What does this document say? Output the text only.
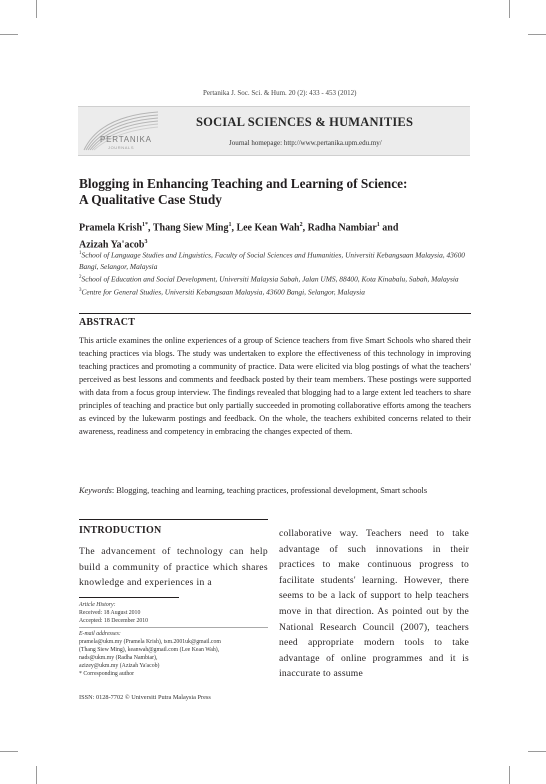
Pertanika J. Soc. Sci. & Hum. 20 (2): 433 - 453 (2012)
PERTANIKA
JOURNALS
SOCIAL SCIENCES & HUMANITIES
Journal homepage: http://www.pertanika.upm.edu.my/
Blogging in Enhancing Teaching and Learning of Science:
A Qualitative Case Study
Pramela Krish$^{1*}$, Thang Siew Ming$^1$, Lee Kean Wah$^2$, Radha Nambiar$^1$ and
Azizah Ya'acob$^3$
$^1$School of Language Studies and Linguistics, Faculty of Social Sciences and Humanities, Universiti Kebangsaan Malaysia, 43600 Bangi, Selangor, Malaysia
$^2$School of Education and Social Development, Universiti Malaysia Sabah, Jalan UMS, 88400, Kota Kinabalu, Sabah, Malaysia
$^3$Centre for General Studies, Universiti Kebangsaan Malaysia, 43600 Bangi, Selangor, Malaysia
ABSTRACT
This article examines the online experiences of a group of Science teachers from five Smart Schools who shared their teaching practices via blogs. The study was undertaken to explore the effectiveness of this technology in improving teaching practices and promoting a community of practice. Data were elicited via blog postings of what the teachers' perceived as best lessons and comments and feedback posted by their team members. These postings were supported with data from a focus group interview. The findings revealed that blogging had to a large extent led teachers to share principles of teaching and practice but only partially succeeded in promoting collaborative efforts among the teachers as evinced by the lukewarm postings and feedback. On the whole, the teachers exhibited concerns related to their awareness, readiness and competency in embracing the changes expected of them.
Keywords: Blogging, teaching and learning, teaching practices, professional development, Smart schools
INTRODUCTION
The advancement of technology can help build a community of practice which shares knowledge and experiences in a
collaborative way. Teachers need to take advantage of such innovations in their practices to make continuous progress to facilitate students' learning. However, there seems to be a lack of support to help teachers move in that direction. As pointed out by the National Research Council (2007), teachers need appropriate modern tools to take advantage of online programmes and it is inaccurate to assume
Article History:
Received: 18 August 2010
Accepted: 18 December 2010
E-mail addresses:
pramela@ukm.my (Pramela Krish), tsm.2001uk@gmail.com
(Thang Siew Ming), keanwah@gmail.com (Lee Kean Wah),
nads@ukm.my (Radha Nambiar),
azizey@ukm.my (Azizah Ya'acob)
* Corresponding author
ISSN: 0128-7702 © Universiti Putra Malaysia Press
